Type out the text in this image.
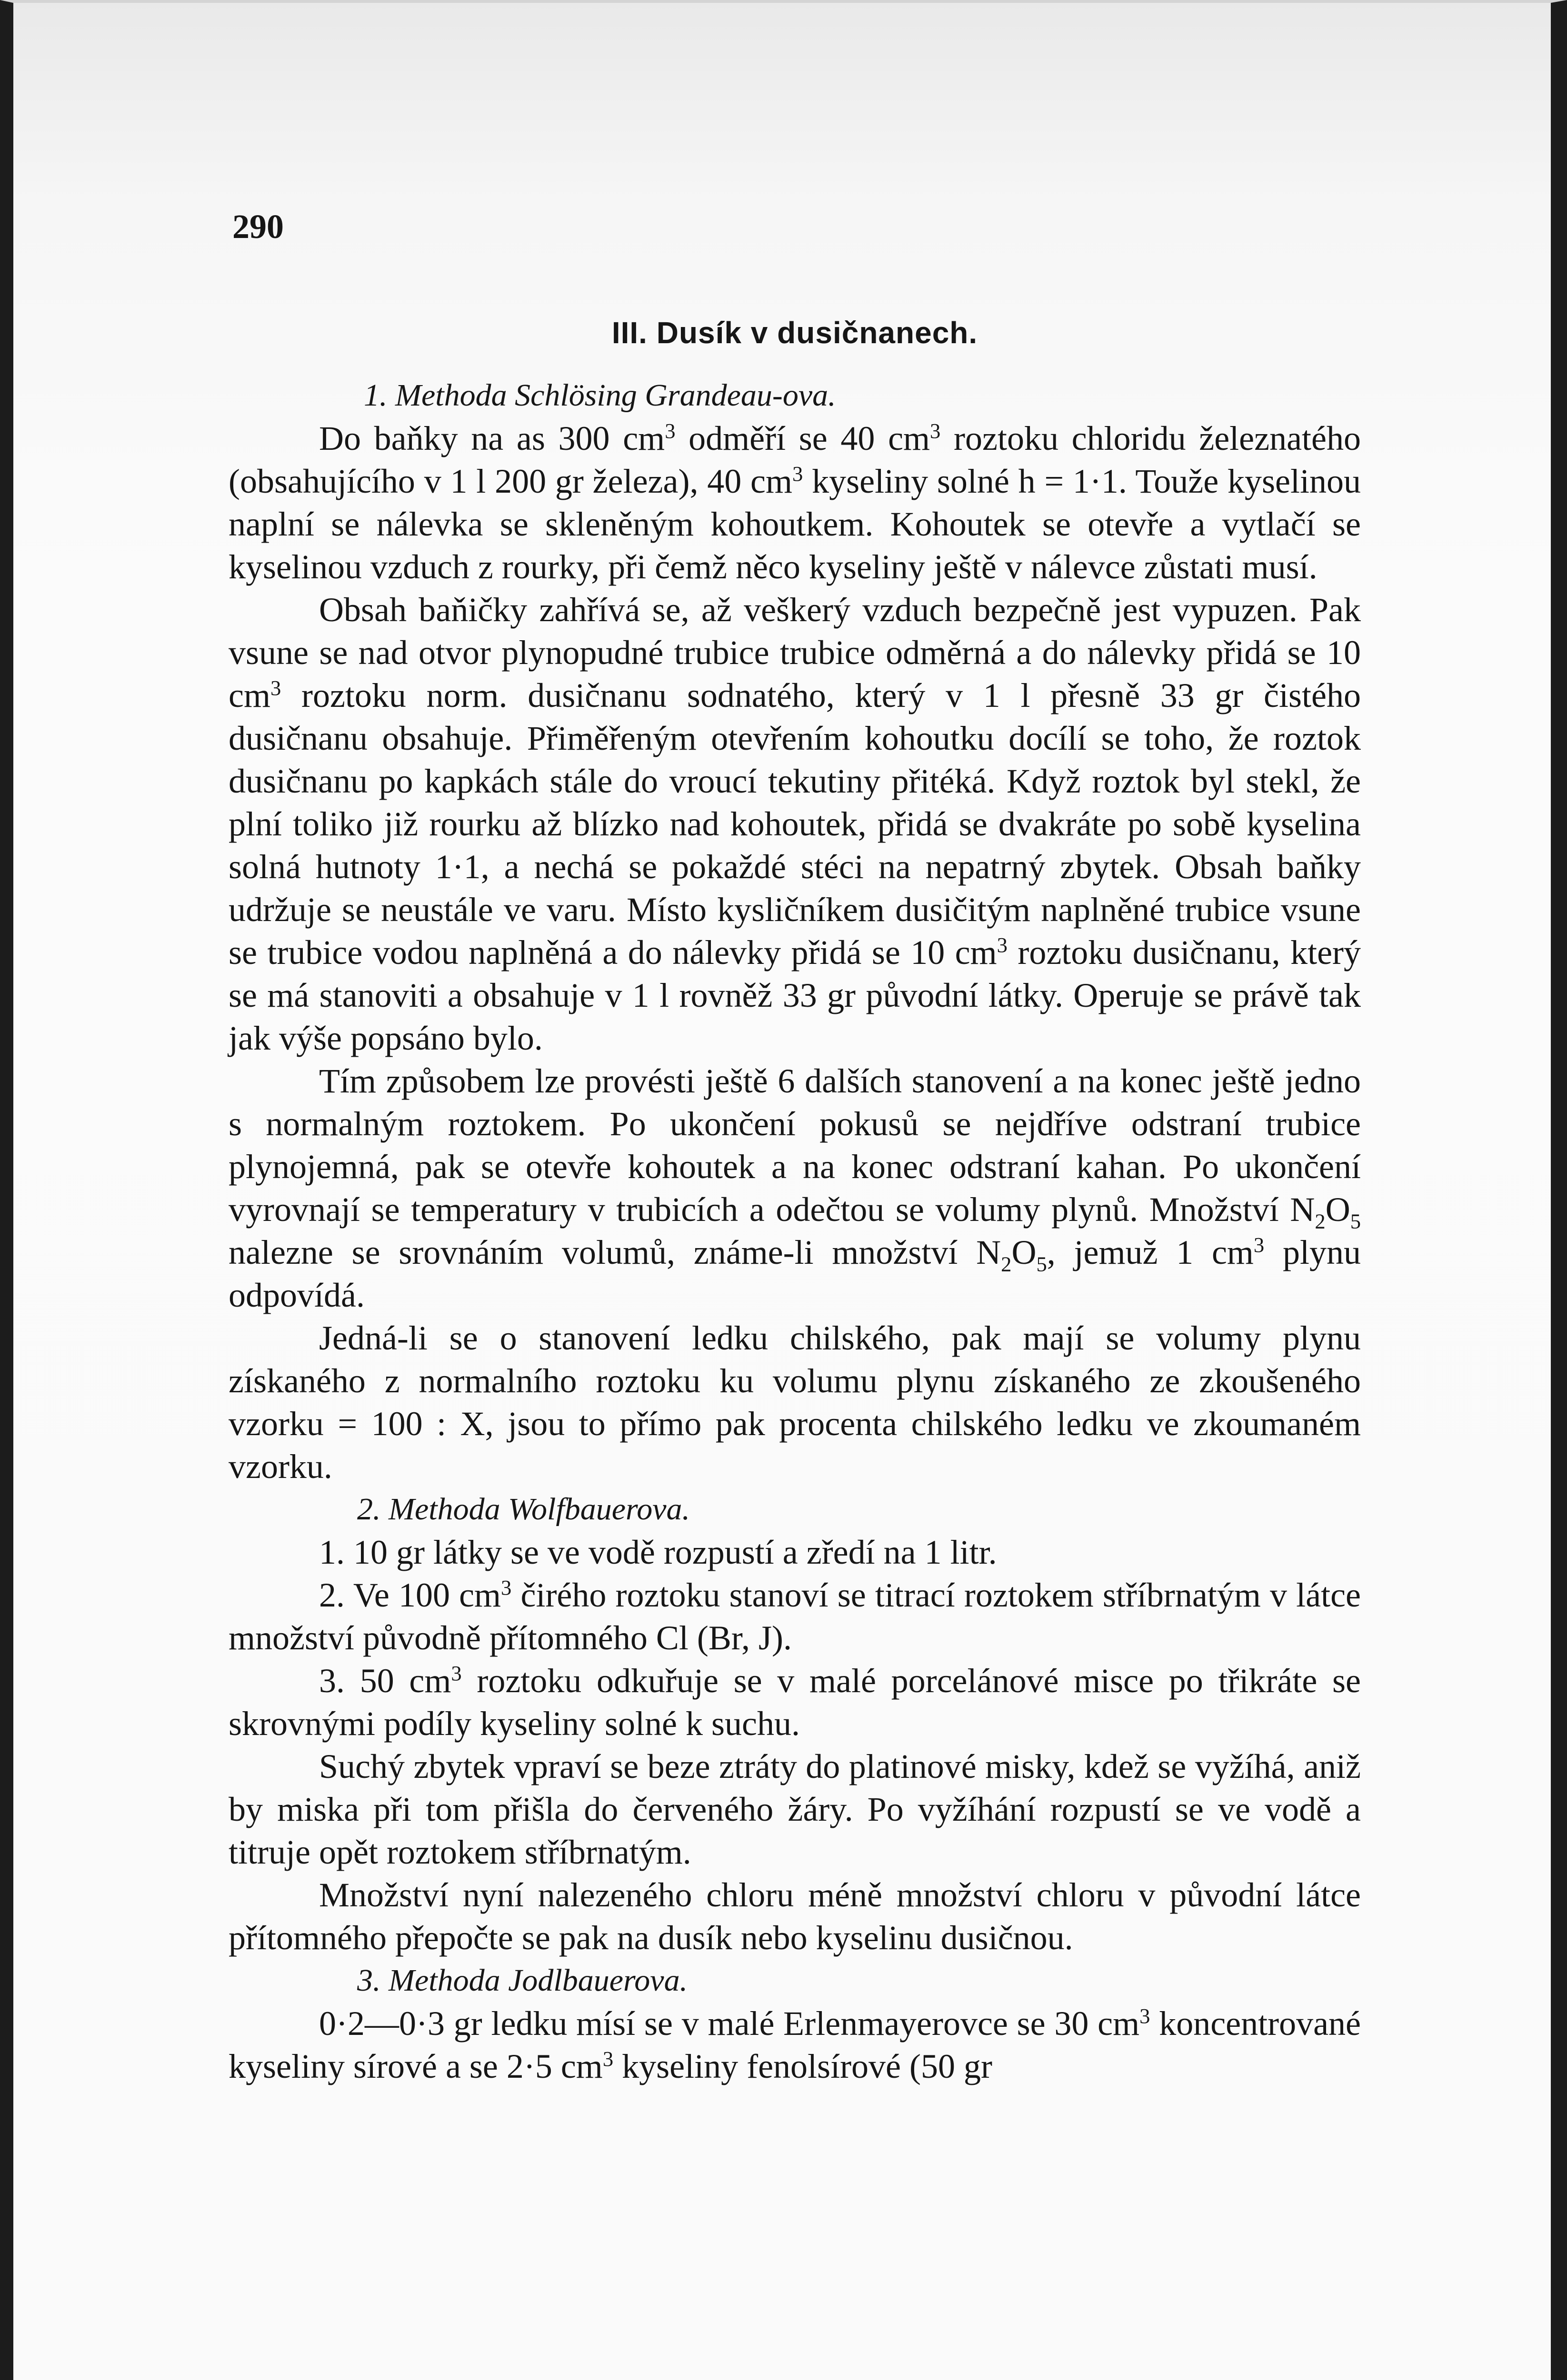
290
III. Dusík v dusičnanech.
1. Methoda Schlösing Grandeau-ova.

Do baňky na as 300 $cm^3$ odměří se 40 $cm^3$ roztoku chloridu železnatého (obsahujícího v 1 l 200 gr železa), 40 $cm^3$ kyseliny solné h = 1·1. Touže kyselinou naplní se nálevka se skleněným kohoutkem. Kohoutek se otevře a vytlačí se kyselinou vzduch z rourky, při čemž něco kyseliny ještě v nálevce zůstati musí.

Obsah baňičky zahřívá se, až veškerý vzduch bezpečně jest vypuzen. Pak vsune se nad otvor plynopudné trubice trubice odměrná a do nálevky přidá se 10 $cm^3$ roztoku norm. dusičnanu sodnatého, který v 1 l přesně 33 gr čistého dusičnanu obsahuje. Přiměřeným otevřením kohoutku docílí se toho, že roztok dusičnanu po kapkách stále do vroucí tekutiny přitéká. Když roztok byl stekl, že plní toliko již rourku až blízko nad kohoutek, přidá se dvakráte po sobě kyselina solná hutnoty 1·1, a nechá se pokaždé stéci na nepatrný zbytek. Obsah baňky udržuje se neustále ve varu. Místo kysličníkem dusičitým naplněné trubice vsune se trubice vodou naplněná a do nálevky přidá se 10 $cm^3$ roztoku dusičnanu, který se má stanoviti a obsahuje v 1 l rovněž 33 gr původní látky. Operuje se právě tak jak výše popsáno bylo.

Tím způsobem lze provésti ještě 6 dalších stanovení a na konec ještě jedno s normalným roztokem. Po ukončení pokusů se nejdříve odstraní trubice plynojemná, pak se otevře kohoutek a na konec odstraní kahan. Po ukončení vyrovnají se temperatury v trubicích a odečtou se volumy plynů. Množství $N_2O_5$ nalezne se srovnáním volumů, známe-li množství $N_2O_5$, jemuž 1 $cm^3$ plynu odpovídá.

Jedná-li se o stanovení ledku chilského, pak mají se volumy plynu získaného z normalního roztoku ku volumu plynu získaného ze zkoušeného vzorku = 100 : X, jsou to přímo pak procenta chilského ledku ve zkoumaném vzorku.

2. Methoda Wolfbauerova.

1. 10 gr látky se ve vodě rozpustí a zředí na 1 litr.

2. Ve 100 $cm^3$ čirého roztoku stanoví se titrací roztokem stříbrnatým v látce množství původně přítomného Cl (Br, J).

3. 50 $cm^3$ roztoku odkuřuje se v malé porcelánové misce po třikráte se skrovnými podíly kyseliny solné k suchu.

Suchý zbytek vpraví se beze ztráty do platinové misky, kdež se vyžíhá, aniž by miska při tom přišla do červeného žáry. Po vyžíhání rozpustí se ve vodě a titruje opět roztokem stříbrnatým.

Množství nyní nalezeného chloru méně množství chloru v původní látce přítomného přepočte se pak na dusík nebo kyselinu dusičnou.

3. Methoda Jodlbauerova.

0·2—0·3 gr ledku mísí se v malé Erlenmayerovce se 30 $cm^3$ koncentrované kyseliny sírové a se 2·5 $cm^3$ kyseliny fenolsírové (50 gr
